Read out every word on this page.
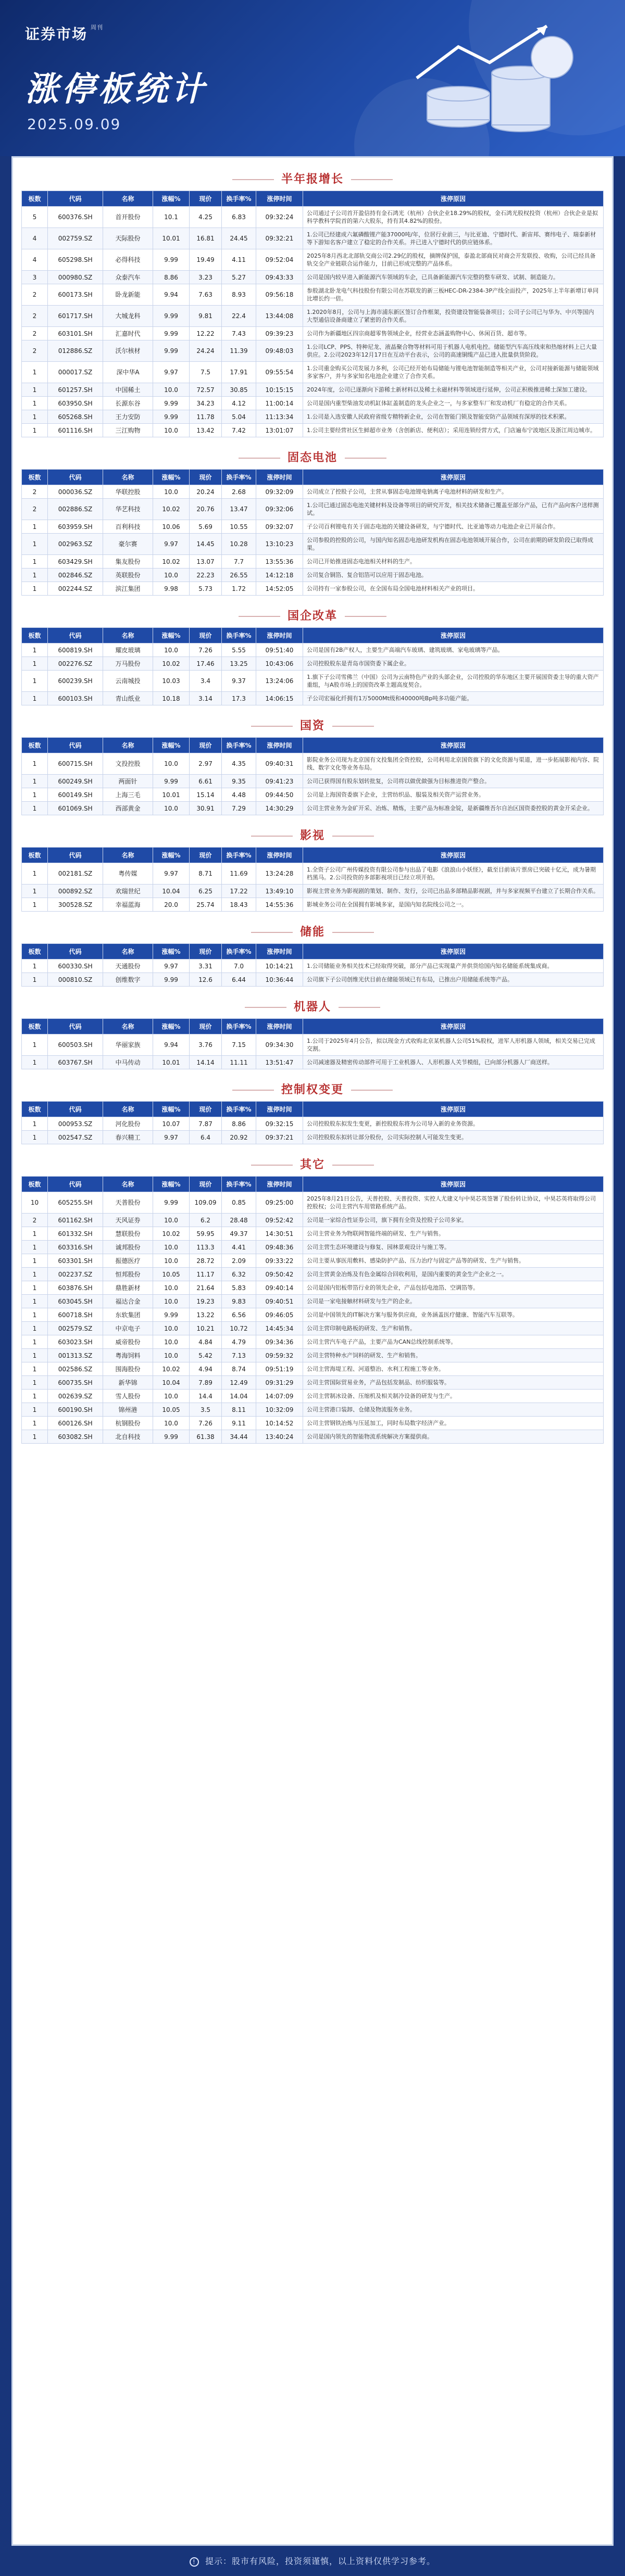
证券市场 $^{周刊}$
涨停板统计
2025.09.09
半年报增长
板数	代码	名称	涨幅%	现价	换手率%	涨停时间	涨停原因
5	600376.SH	首开股份	10.1	4.25	6.83	09:32:24	公司通过子公司首开盈信持有金石鸿光（杭州）合伙企业18.29%的股权，金石鸿光股权投资（杭州）合伙企业是拟科学教科学院首的第六大股东，持有其4.82%的股份。
4	002759.SZ	天际股份	10.01	16.81	24.45	09:32:21	1.公司已经建成六氟磷酸锂产能37000吨/年，位居行业前三，与比亚迪、宁德时代、新宙邦、赛纬电子、瑞泰新材等下游知名客户建立了稳定的合作关系。并已进入宁德时代的供应链体系。
4	605298.SH	必得科技	9.99	19.49	4.11	09:52:04	2025年8月西北北部轨交商公司2.29亿的股权，摘牌保护国，泰盈北部商民对商会开发联投、收购，公司已经具备轨交全产业链联合运作能力，目前已形成完整的产品体系。
3	000980.SZ	众泰汽车	8.86	3.23	5.27	09:43:33	公司是国内较早进入新能源汽车领域的车企，已具备新能源汽车完整的整车研发、试制、制造能力。
2	600173.SH	卧龙新能	9.94	7.63	8.93	09:56:18	参股湖北卧龙电气科技股份有限公司在苏联发的新三板HEC-DR-2384-3P产线全面投产，2025年上半年新增订单同比增长约一倍。
2	601717.SH	大城龙科	9.99	9.81	22.4	13:44:08	1.2020年8月，公司与上海市浦东新区签订合作框架，投资建设智能装备项目；公司子公司已与华为、中兴等国内大型通信设备商建立了紧密的合作关系。
2	603101.SH	汇嘉时代	9.99	12.22	7.43	09:39:23	公司作为新疆地区四宗商超零售领域企业，经营业态涵盖购物中心、休闲百货、超市等。
2	012886.SZ	沃尔核材	9.99	24.24	11.39	09:48:03	1.公司LCP、PPS、特种尼龙、液晶聚合物等材料可用于机器人电机电控。储能型汽车高压线束和热缩材料上已大量供应。2.公司2023年12月17日在互动平台表示，公司的高速铜缆产品已进入批量供货阶段。
1	000017.SZ	深中华A	9.97	7.5	17.91	09:55:54	1.公司重金购买公司发展力多利，公司已经开始布局储能与锂电池智能制造等相关产业，公司对接新能源与储能领域多家客户，并与多家知名电池企业建立了合作关系。
1	601257.SH	中国稀土	10.0	72.57	30.85	10:15:15	2024年度，公司已逐渐向下游稀土新材料以及稀土永磁材料等领域进行延伸，公司正积极推进稀土深加工建设。
1	603950.SH	长源东谷	9.99	34.23	4.12	11:00:14	公司是国内重型柴油发动机缸体缸盖制造的龙头企业之一，与多家整车厂和发动机厂有稳定的合作关系。
1	605268.SH	王力安防	9.99	11.78	5.04	11:13:34	1.公司是入选安徽人民政府省级专精特新企业，公司在智能门锁及智能安防产品领域有深厚的技术积累。
1	601116.SH	三江购物	10.0	13.42	7.42	13:01:07	1.公司主要经营社区生鲜超市业务（含创新店、便利店）；采用连锁经营方式，门店遍布宁波地区及浙江周边城市。
固态电池
板数	代码	名称	涨幅%	现价	换手率%	涨停时间	涨停原因
2	000036.SZ	华联控股	10.0	20.24	2.68	09:32:09	公司成立了控股子公司，主营从事固态电池锂电钠离子电池材料的研发和生产。
2	002886.SZ	华艺科技	10.02	20.76	13.47	09:32:06	1.公司已通过固态电池关键材料及设备等项目的研究开发，相关技术储备已覆盖至部分产品，已有产品向客户送样测试。
1	603959.SH	百利科技	10.06	5.69	10.55	09:32:07	子公司百利锂电有关于固态电池的关键设备研发，与宁德时代、比亚迪等动力电池企业已开展合作。
1	002963.SZ	豪尔赛	9.97	14.45	10.28	13:10:23	公司参股的控股的公司，与国内知名固态电池研发机构在固态电池领域开展合作，公司在前期的研发阶段已取得成果。
1	603429.SH	集友股份	10.02	13.07	7.7	13:55:36	公司已开始推进固态电池相关材料的生产。
1	002846.SZ	英联股份	10.0	22.23	26.55	14:12:18	公司复合铜箔、复合铝箔可以应用于固态电池。
1	002244.SZ	滨江集团	9.98	5.73	1.72	14:52:05	公司持有一家参股公司，在全国布局全国电池材料相关产业的项目。
国企改革
板数	代码	名称	涨幅%	现价	换手率%	涨停时间	涨停原因
1	600819.SH	耀皮玻璃	10.0	7.26	5.55	09:51:40	公司是国有2B产权人，主要生产高端汽车玻璃、建筑玻璃、家电玻璃等产品。
1	002276.SZ	万马股份	10.02	17.46	13.25	10:43:06	公司控股股东是青岛市国资委下属企业。
1	600239.SH	云南城投	10.03	3.4	9.37	13:24:06	1.旗下子公司雪佛兰（中国）公司为云南特色产业的头部企业，公司控股的华东地区主要开展国资委主导的重大资产重组，与A股市场上的国资改革主题高度契合。
1	600103.SH	青山纸业	10.18	3.14	17.3	14:06:15	子公司宏福化纤拥有1万5000Mt级和40000吨Bp吨多功能产能。
国资
板数	代码	名称	涨幅%	现价	换手率%	涨停时间	涨停原因
1	600715.SH	文投控股	10.0	2.97	4.35	09:40:31	影院业务公司现为北京国有文投集团全资控股，公司利用北京国资旗下的文化资源与渠道，进一步拓展影视内容、院线、数字文化等业务布局。
1	600249.SH	两面针	9.99	6.61	9.35	09:41:23	公司已获得国有股东划转批复，公司将以做优做强为目标推进资产整合。
1	600149.SH	上海三毛	10.01	15.14	4.48	09:44:50	公司是上海国资委旗下企业，主营纺织品、服装及相关资产运营业务。
1	601069.SH	西部黄金	10.0	30.91	7.29	14:30:29	公司主营业务为金矿开采、冶炼、精炼，主要产品为标准金锭，是新疆维吾尔自治区国资委控股的黄金开采企业。
影视
板数	代码	名称	涨幅%	现价	换手率%	涨停时间	涨停原因
1	002181.SZ	粤传媒	9.97	8.71	11.69	13:24:28	1.全资子公司广州传媒投资有限公司参与出品了电影《浪浪山小妖怪》，截至目前该片票房已突破十亿元，成为暑期档黑马。2.公司投资的多部影视项目已经立项开拍。
1	000892.SZ	欢瑞世纪	10.04	6.25	17.22	13:49:10	影视主营业务为影视剧的策划、制作、发行，公司已出品多部精品影视剧，并与多家视频平台建立了长期合作关系。
1	300528.SZ	幸福蓝海	20.0	25.74	18.43	14:55:36	影城业务公司在全国拥有影城多家，是国内知名院线公司之一。
储能
板数	代码	名称	涨幅%	现价	换手率%	涨停时间	涨停原因
1	600330.SH	天通股份	9.97	3.31	7.0	10:14:21	1.公司储能业务相关技术已经取得突破，部分产品已实现量产并供货给国内知名储能系统集成商。
1	000810.SZ	创维数字	9.99	12.6	6.44	10:36:44	公司旗下子公司创维光伏目前在储能领域已有布局，已推出户用储能系统等产品。
机器人
板数	代码	名称	涨幅%	现价	换手率%	涨停时间	涨停原因
1	600503.SH	华丽家族	9.94	3.76	7.15	09:34:30	1.公司于2025年4月公告，拟以现金方式收购北京某机器人公司51%股权，进军人形机器人领域，相关交易已完成交割。
1	603767.SH	中马传动	10.01	14.14	11.11	13:51:47	公司减速器及精密传动部件可用于工业机器人、人形机器人关节模组，已向部分机器人厂商送样。
控制权变更
板数	代码	名称	涨幅%	现价	换手率%	涨停时间	涨停原因
1	000953.SZ	河化股份	10.07	7.87	8.86	09:32:15	公司控股股东拟发生变更，新控股股东将为公司导入新的业务资源。
1	002547.SZ	春兴精工	9.97	6.4	20.92	09:37:21	公司控股股东拟转让部分股份，公司实际控制人可能发生变更。
其它
板数	代码	名称	涨幅%	现价	换手率%	涨停时间	涨停原因
10	605255.SH	天普股份	9.99	109.09	0.85	09:25:00	2025年8月21日公告，天普控股、天普投资、实控人尤建义与中昊芯英签署了股份转让协议，中昊芯英将取得公司控股权；公司主营汽车用管路系统产品。
2	601162.SH	天风证券	10.0	6.2	28.48	09:52:42	公司是一家综合性证券公司，旗下拥有全资及控股子公司多家。
1	601332.SH	慧联股份	10.02	59.95	49.37	14:30:51	公司主营业务为物联网智能终端的研发、生产与销售。
1	603316.SH	诚邦股份	10.0	113.3	4.41	09:48:36	公司主营生态环境建设与修复、园林景观设计与施工等。
1	603301.SH	振德医疗	10.0	28.72	2.09	09:33:22	公司主要从事医用敷料、感染防护产品、压力治疗与固定产品等的研发、生产与销售。
1	002237.SZ	恒邦股份	10.05	11.17	6.32	09:50:42	公司主营黄金冶炼及有色金属综合回收利用，是国内重要的黄金生产企业之一。
1	603876.SH	鼎胜新材	10.0	21.64	5.83	09:40:14	公司是国内铝板带箔行业的领先企业，产品包括电池箔、空调箔等。
1	603045.SH	福达合金	10.0	19.23	9.83	09:40:51	公司是一家电接触材料研发与生产的企业。
1	600718.SH	东软集团	9.99	13.22	6.56	09:46:05	公司是中国领先的IT解决方案与服务供应商，业务涵盖医疗健康、智能汽车互联等。
1	002579.SZ	中京电子	10.0	10.21	10.72	14:45:34	公司主营印制电路板的研发、生产和销售。
1	603023.SH	威帝股份	10.0	4.84	4.79	09:34:36	公司主营汽车电子产品，主要产品为CAN总线控制系统等。
1	001313.SZ	粤海饲料	10.0	5.42	7.13	09:59:32	公司主营特种水产饲料的研发、生产和销售。
1	002586.SZ	围海股份	10.02	4.94	8.74	09:51:19	公司主营海堤工程、河道整治、水利工程施工等业务。
1	600735.SH	新华锦	10.04	7.89	12.49	09:31:29	公司主营国际贸易业务，产品包括发制品、纺织服装等。
1	002639.SZ	雪人股份	10.0	14.4	14.04	14:07:09	公司主营制冰设备、压缩机及相关制冷设备的研发与生产。
1	600190.SH	锦州港	10.05	3.5	8.11	10:32:09	公司主营港口装卸、仓储及物流服务业务。
1	600126.SH	杭钢股份	10.0	7.26	9.11	10:14:52	公司主营钢铁冶炼与压延加工，同时布局数字经济产业。
1	603082.SH	北自科技	9.99	61.38	34.44	13:40:24	公司是国内领先的智能物流系统解决方案提供商。
! 提示：股市有风险，投资须谨慎，以上资料仅供学习参考。
